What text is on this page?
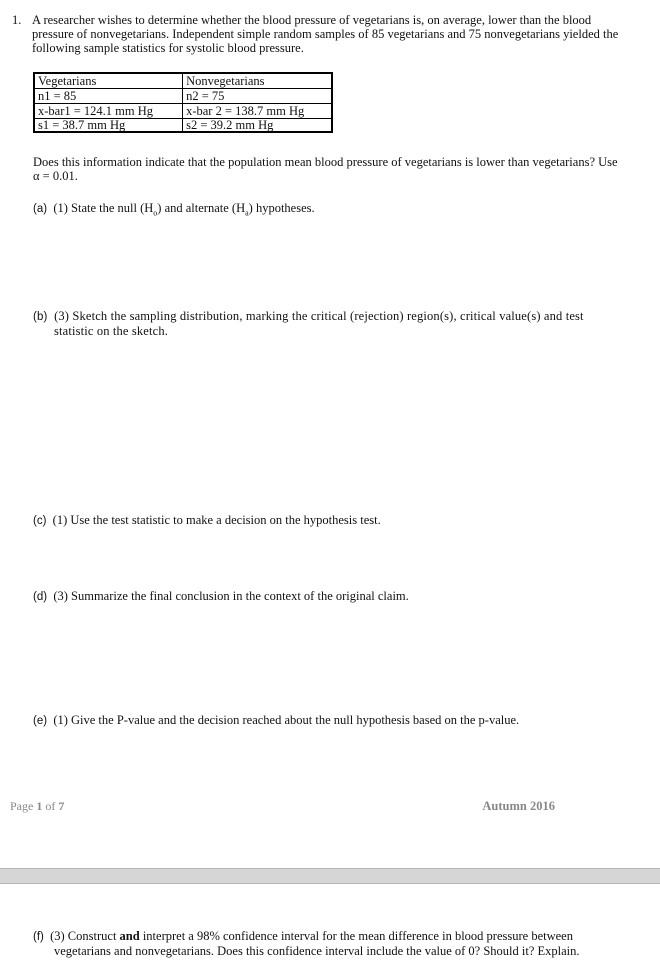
1. A researcher wishes to determine whether the blood pressure of vegetarians is, on average, lower than the blood
pressure of nonvegetarians. Independent simple random samples of 85 vegetarians and 75 nonvegetarians yielded the
following sample statistics for systolic blood pressure.
Vegetarians	Nonvegetarians
n1 = 85	n2 = 75
x-bar1 = 124.1 mm Hg	x-bar 2 = 138.7 mm Hg
s1 = 38.7 mm Hg	s2 = 39.2 mm Hg
Does this information indicate that the population mean blood pressure of vegetarians is lower than vegetarians? Use
α = 0.01.
(a) (1) State the null $(H_o)$ and alternate $(H_a)$ hypotheses.
(b) (3) Sketch the sampling distribution, marking the critical (rejection) region(s), critical value(s) and test
statistic on the sketch.
(c) (1) Use the test statistic to make a decision on the hypothesis test.
(d) (3) Summarize the final conclusion in the context of the original claim.
(e) (1) Give the P-value and the decision reached about the null hypothesis based on the p-value.
Page 1 of 7	Autumn 2016
(f) (3) Construct and interpret a 98% confidence interval for the mean difference in blood pressure between
vegetarians and nonvegetarians. Does this confidence interval include the value of 0? Should it? Explain.
